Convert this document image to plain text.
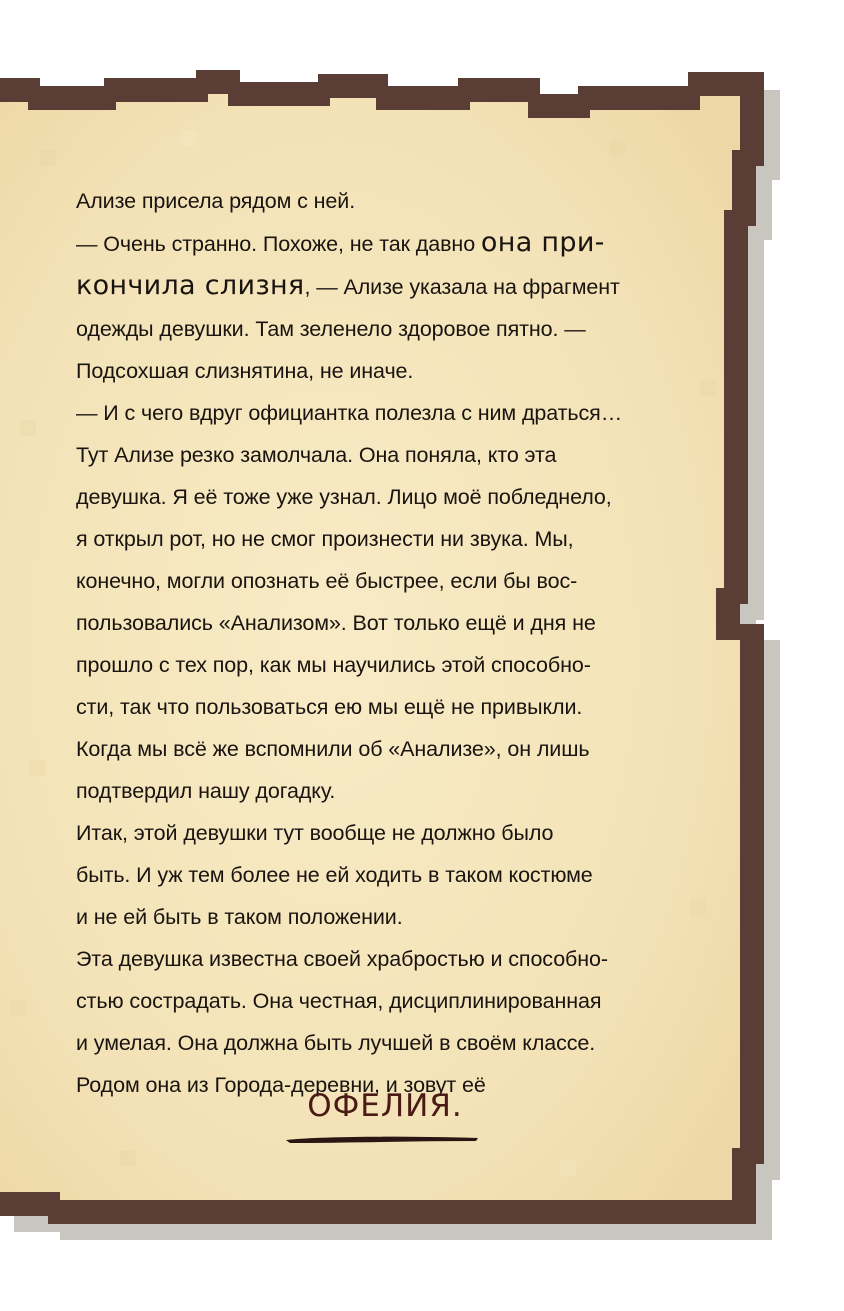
Ализе присела рядом с ней.
— Очень странно. Похоже, не так давно она при-
кончила слизня, — Ализе указала на фрагмент
одежды девушки. Там зеленело здоровое пятно. —
Подсохшая слизнятина, не иначе.
— И с чего вдруг официантка полезла с ним драться…
Тут Ализе резко замолчала. Она поняла, кто эта
девушка. Я её тоже уже узнал. Лицо моё побледнело,
я открыл рот, но не смог произнести ни звука. Мы,
конечно, могли опознать её быстрее, если бы вос-
пользовались «Анализом». Вот только ещё и дня не
прошло с тех пор, как мы научились этой способно-
сти, так что пользоваться ею мы ещё не привыкли.
Когда мы всё же вспомнили об «Анализе», он лишь
подтвердил нашу догадку.
Итак, этой девушки тут вообще не должно было
быть. И уж тем более не ей ходить в таком костюме
и не ей быть в таком положении.
Эта девушка известна своей храбростью и способно-
стью сострадать. Она честная, дисциплинированная
и умелая. Она должна быть лучшей в своём классе.
Родом она из Города-деревни, и зовут её
ОФЕЛИЯ.
